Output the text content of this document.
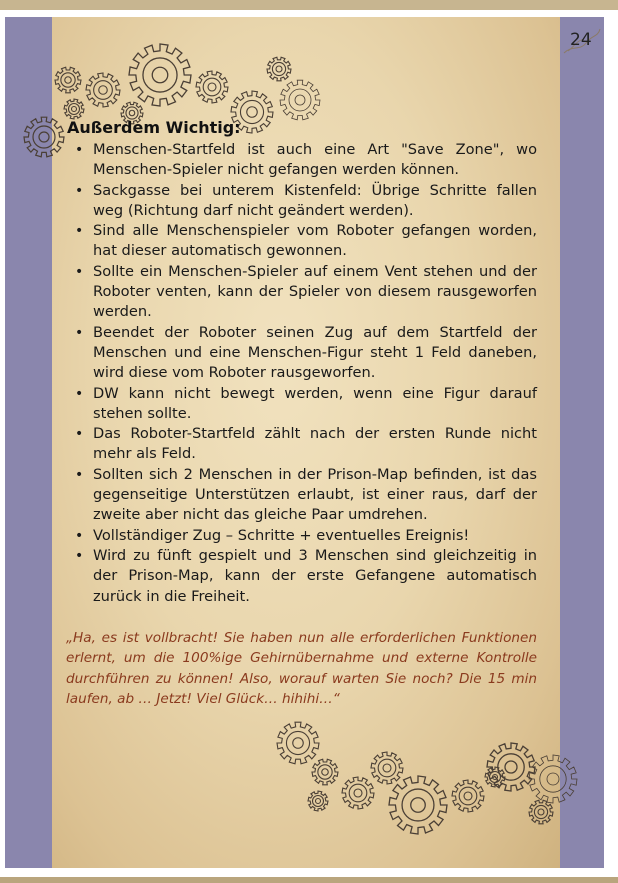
24
Außerdem Wichtig:
• Menschen-Startfeld ist auch eine Art "Save Zone", wo Menschen-Spieler nicht gefangen werden können.
• Sackgasse bei unterem Kistenfeld: Übrige Schritte fallen weg (Richtung darf nicht geändert werden).
• Sind alle Menschenspieler vom Roboter gefangen worden, hat dieser automatisch gewonnen.
• Sollte ein Menschen-Spieler auf einem Vent stehen und der Roboter venten, kann der Spieler von diesem rausgeworfen werden.
• Beendet der Roboter seinen Zug auf dem Startfeld der Menschen und eine Menschen-Figur steht 1 Feld daneben, wird diese vom Roboter rausgeworfen.
• DW kann nicht bewegt werden, wenn eine Figur darauf stehen sollte.
• Das Roboter-Startfeld zählt nach der ersten Runde nicht mehr als Feld.
• Sollten sich 2 Menschen in der Prison-Map befinden, ist das gegenseitige Unterstützen erlaubt, ist einer raus, darf der zweite aber nicht das gleiche Paar umdrehen.
• Vollständiger Zug – Schritte + eventuelles Ereignis!
• Wird zu fünft gespielt und 3 Menschen sind gleichzeitig in der Prison-Map, kann der erste Gefangene automatisch zurück in die Freiheit.

„Ha, es ist vollbracht! Sie haben nun alle erforderlichen Funktionen erlernt, um die 100%ige Gehirnübernahme und externe Kontrolle durchführen zu können! Also, worauf warten Sie noch? Die 15 min laufen, ab … Jetzt! Viel Glück… hihihi…“
